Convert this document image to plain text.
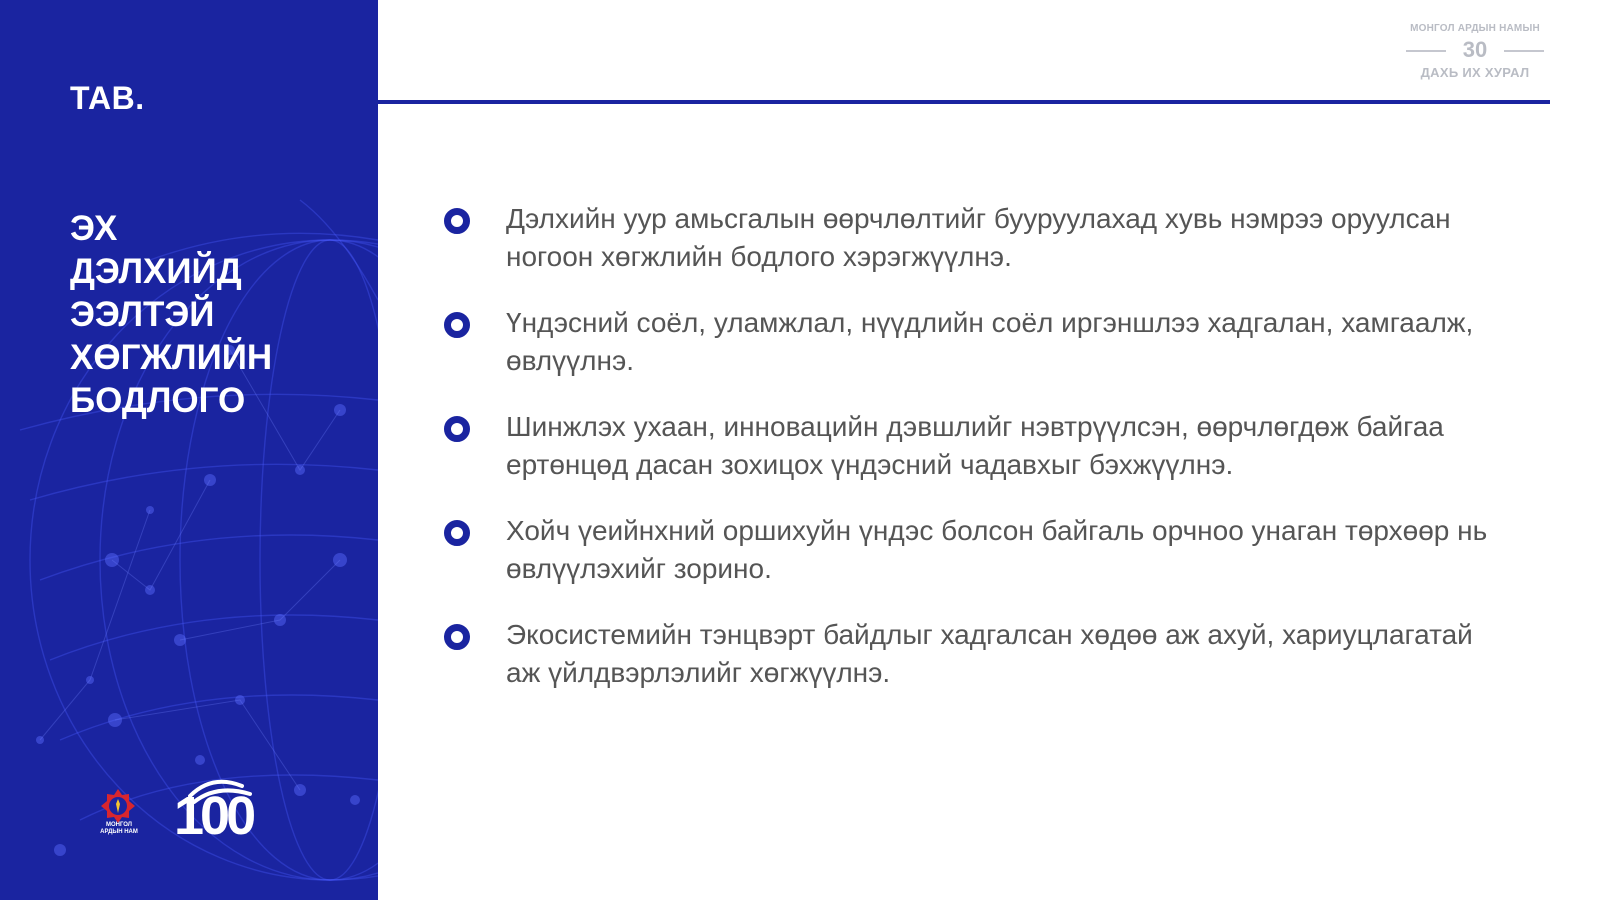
ТАВ.
ЭХ
ДЭЛХИЙД
ЭЭЛТЭЙ
ХӨГЖЛИЙН
БОДЛОГО
МОНГОЛ АРДЫН НАМ 100
МОНГОЛ АРДЫН НАМЫН
30
ДАХЬ ИХ ХУРАЛ
Дэлхийн уур амьсгалын өөрчлөлтийг бууруулахад хувь нэмрээ оруулсан ногоон хөгжлийн бодлого хэрэгжүүлнэ.
Үндэсний соёл, уламжлал, нүүдлийн соёл иргэншлээ хадгалан, хамгаалж, өвлүүлнэ.
Шинжлэх ухаан, инновацийн дэвшлийг нэвтрүүлсэн, өөрчлөгдөж байгаа ертөнцөд дасан зохицох үндэсний чадавхыг бэхжүүлнэ.
Хойч үеийнхний оршихуйн үндэс болсон байгаль орчноо унаган төрхөөр нь өвлүүлэхийг зорино.
Экосистемийн тэнцвэрт байдлыг хадгалсан хөдөө аж ахуй, хариуцлагатай аж үйлдвэрлэлийг хөгжүүлнэ.
